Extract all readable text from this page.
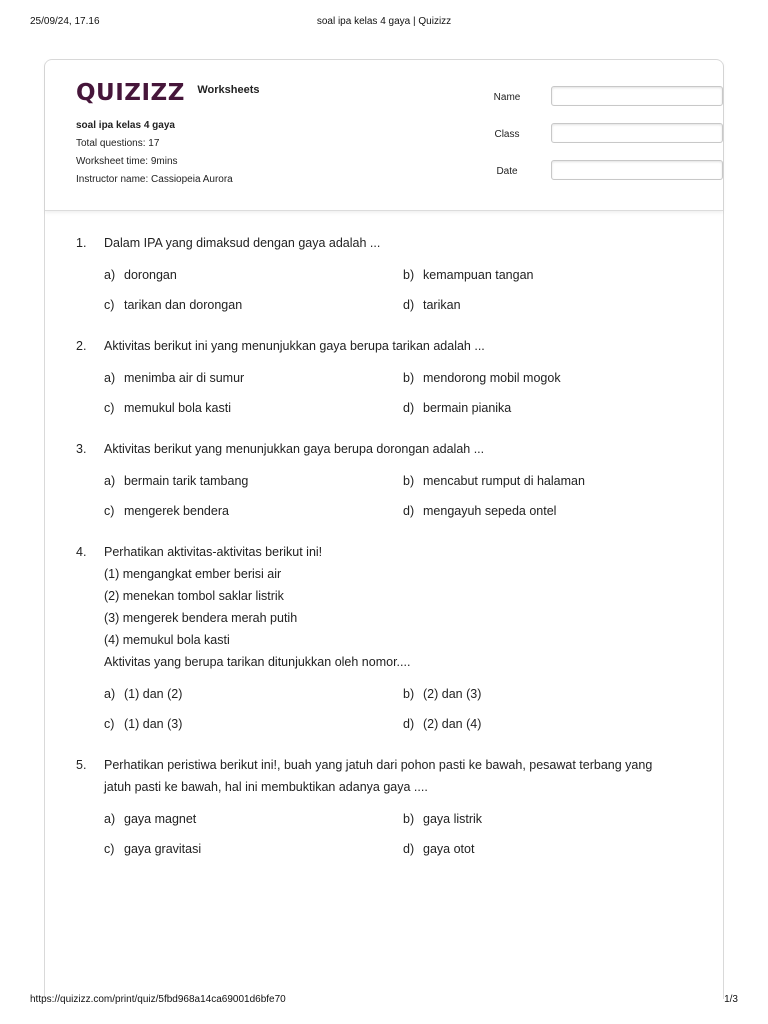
25/09/24, 17.16	soal ipa kelas 4 gaya | Quizizz
QUIZIZZ Worksheets
soal ipa kelas 4 gaya
Total questions: 17
Worksheet time: 9mins
Instructor name: Cassiopeia Aurora
Name
Class
Date
1.	Dalam IPA yang dimaksud dengan gaya adalah ...
a) dorongan	b) kemampuan tangan
c) tarikan dan dorongan	d) tarikan
2.	Aktivitas berikut ini yang menunjukkan gaya berupa tarikan adalah ...
a) menimba air di sumur	b) mendorong mobil mogok
c) memukul bola kasti	d) bermain pianika
3.	Aktivitas berikut yang menunjukkan gaya berupa dorongan adalah ...
a) bermain tarik tambang	b) mencabut rumput di halaman
c) mengerek bendera	d) mengayuh sepeda ontel
4.	Perhatikan aktivitas-aktivitas berikut ini!
(1) mengangkat ember berisi air
(2) menekan tombol saklar listrik
(3) mengerek bendera merah putih
(4) memukul bola kasti
Aktivitas yang berupa tarikan ditunjukkan oleh nomor....
a) (1) dan (2)	b) (2) dan (3)
c) (1) dan (3)	d) (2) dan (4)
5.	Perhatikan peristiwa berikut ini!, buah yang jatuh dari pohon pasti ke bawah, pesawat terbang yang
jatuh pasti ke bawah, hal ini membuktikan adanya gaya ....
a) gaya magnet	b) gaya listrik
c) gaya gravitasi	d) gaya otot
https://quizizz.com/print/quiz/5fbd968a14ca69001d6bfe70	1/3
